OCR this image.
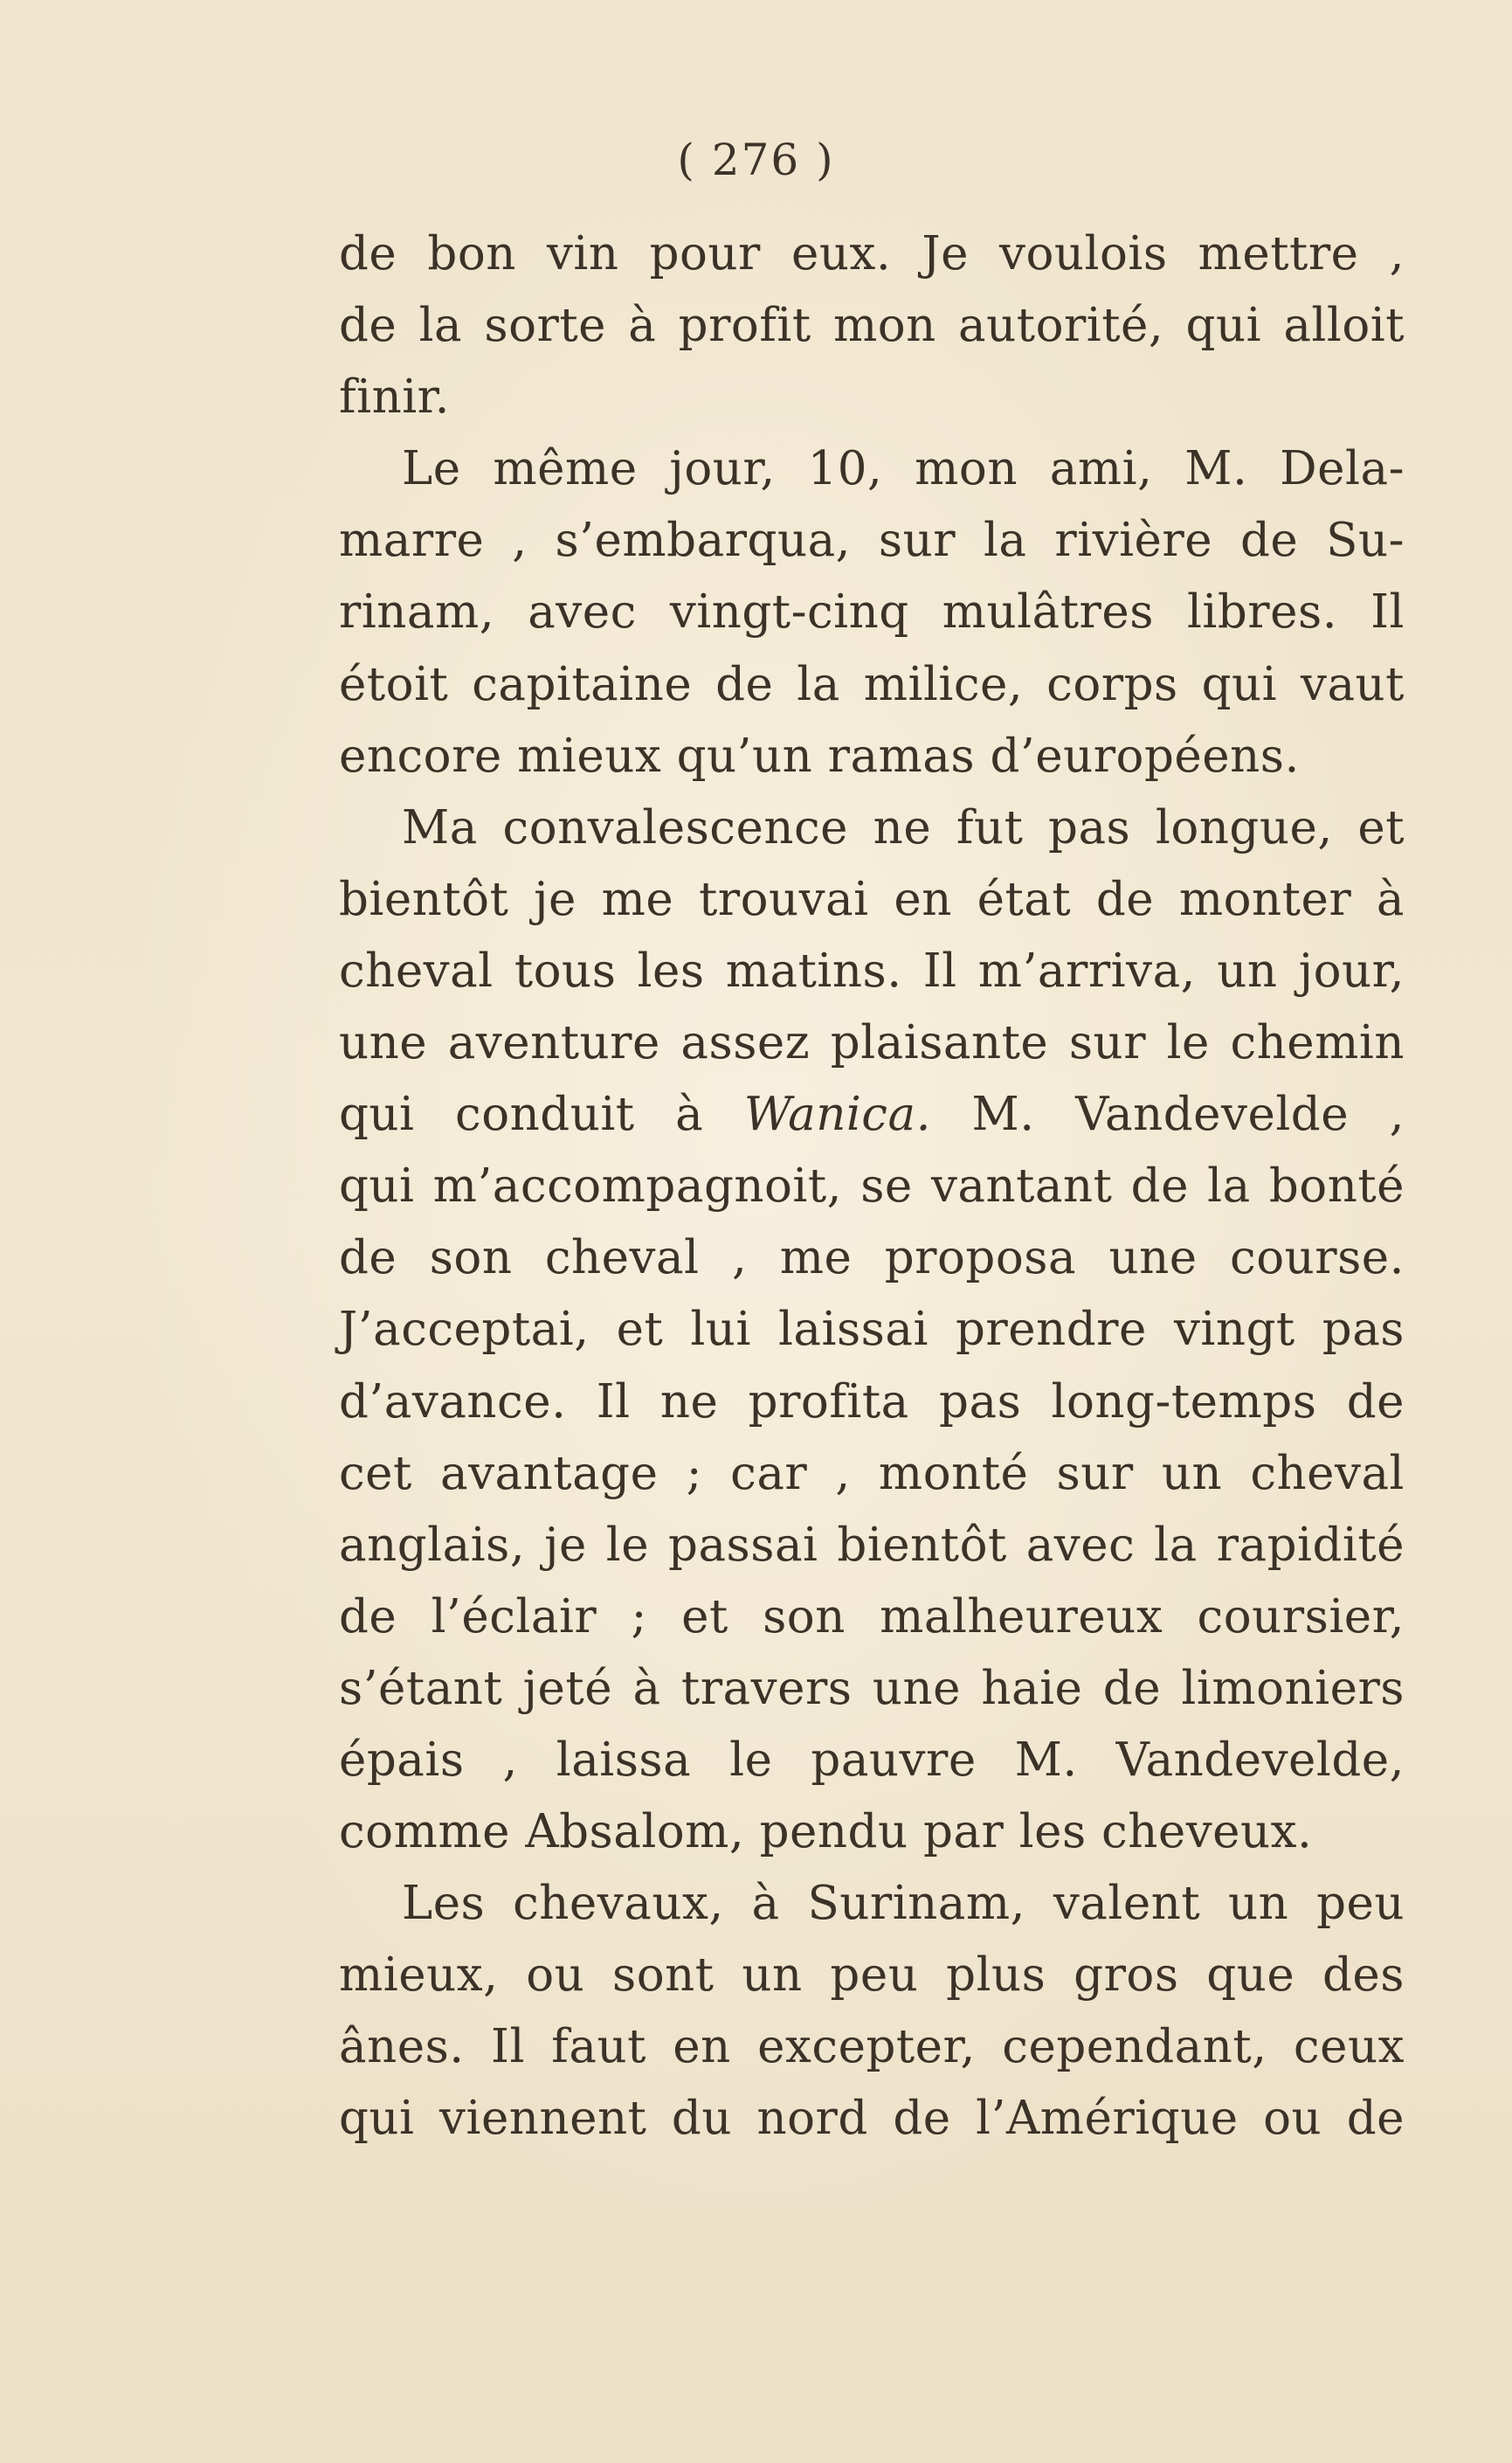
( 276 )
de bon vin pour eux. Je voulois mettre ,
de la sorte à profit mon autorité, qui alloit
finir.
Le même jour, 10, mon ami, M. Dela-
marre , s’embarqua, sur la rivière de Su-
rinam, avec vingt-cinq mulâtres libres. Il
étoit capitaine de la milice, corps qui vaut
encore mieux qu’un ramas d’européens.
Ma convalescence ne fut pas longue, et
bientôt je me trouvai en état de monter à
cheval tous les matins. Il m’arriva, un jour,
une aventure assez plaisante sur le chemin
qui conduit à Wanica. M. Vandevelde ,
qui m’accompagnoit, se vantant de la bonté
de son cheval , me proposa une course.
J’acceptai, et lui laissai prendre vingt pas
d’avance. Il ne profita pas long-temps de
cet avantage ; car , monté sur un cheval
anglais, je le passai bientôt avec la rapidité
de l’éclair ; et son malheureux coursier,
s’étant jeté à travers une haie de limoniers
épais , laissa le pauvre M. Vandevelde,
comme Absalom, pendu par les cheveux.
Les chevaux, à Surinam, valent un peu
mieux, ou sont un peu plus gros que des
ânes. Il faut en excepter, cependant, ceux
qui viennent du nord de l’Amérique ou de
